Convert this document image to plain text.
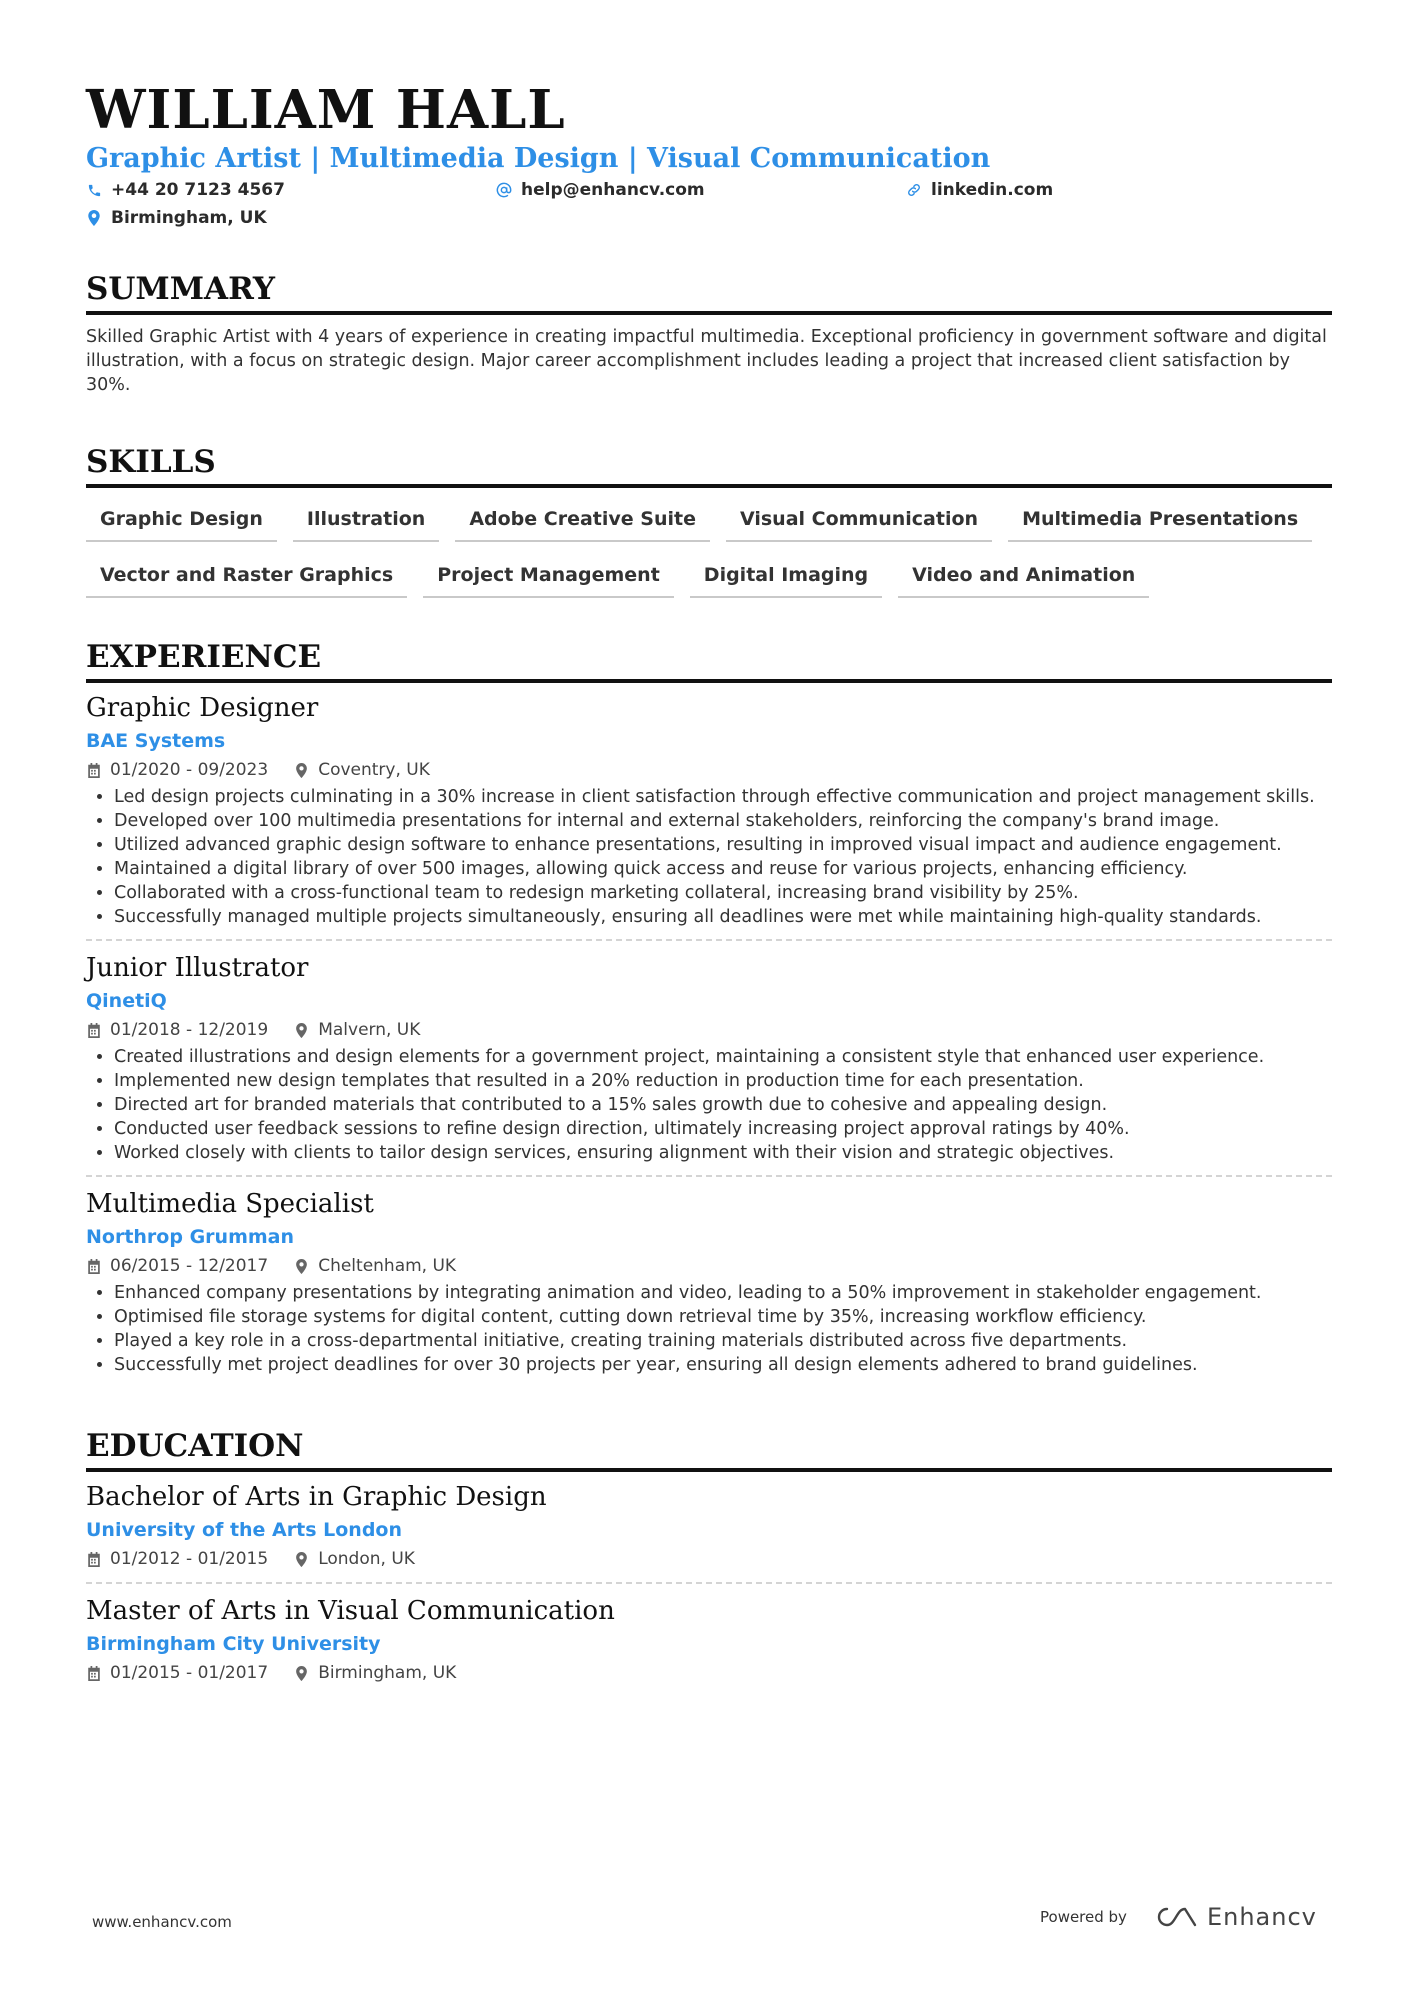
WILLIAM HALL
Graphic Artist | Multimedia Design | Visual Communication
+44 20 7123 4567	help@enhancv.com	linkedin.com
Birmingham, UK
SUMMARY
Skilled Graphic Artist with 4 years of experience in creating impactful multimedia. Exceptional proficiency in government software and digital illustration, with a focus on strategic design. Major career accomplishment includes leading a project that increased client satisfaction by 30%.
SKILLS
Graphic Design	Illustration	Adobe Creative Suite	Visual Communication	Multimedia Presentations
Vector and Raster Graphics	Project Management	Digital Imaging	Video and Animation
EXPERIENCE
Graphic Designer
BAE Systems
01/2020 - 09/2023	Coventry, UK
• Led design projects culminating in a 30% increase in client satisfaction through effective communication and project management skills.
• Developed over 100 multimedia presentations for internal and external stakeholders, reinforcing the company's brand image.
• Utilized advanced graphic design software to enhance presentations, resulting in improved visual impact and audience engagement.
• Maintained a digital library of over 500 images, allowing quick access and reuse for various projects, enhancing efficiency.
• Collaborated with a cross-functional team to redesign marketing collateral, increasing brand visibility by 25%.
• Successfully managed multiple projects simultaneously, ensuring all deadlines were met while maintaining high-quality standards.
Junior Illustrator
QinetiQ
01/2018 - 12/2019	Malvern, UK
• Created illustrations and design elements for a government project, maintaining a consistent style that enhanced user experience.
• Implemented new design templates that resulted in a 20% reduction in production time for each presentation.
• Directed art for branded materials that contributed to a 15% sales growth due to cohesive and appealing design.
• Conducted user feedback sessions to refine design direction, ultimately increasing project approval ratings by 40%.
• Worked closely with clients to tailor design services, ensuring alignment with their vision and strategic objectives.
Multimedia Specialist
Northrop Grumman
06/2015 - 12/2017	Cheltenham, UK
• Enhanced company presentations by integrating animation and video, leading to a 50% improvement in stakeholder engagement.
• Optimised file storage systems for digital content, cutting down retrieval time by 35%, increasing workflow efficiency.
• Played a key role in a cross-departmental initiative, creating training materials distributed across five departments.
• Successfully met project deadlines for over 30 projects per year, ensuring all design elements adhered to brand guidelines.
EDUCATION
Bachelor of Arts in Graphic Design
University of the Arts London
01/2012 - 01/2015	London, UK
Master of Arts in Visual Communication
Birmingham City University
01/2015 - 01/2017	Birmingham, UK
www.enhancv.com	Powered by	Enhancv
